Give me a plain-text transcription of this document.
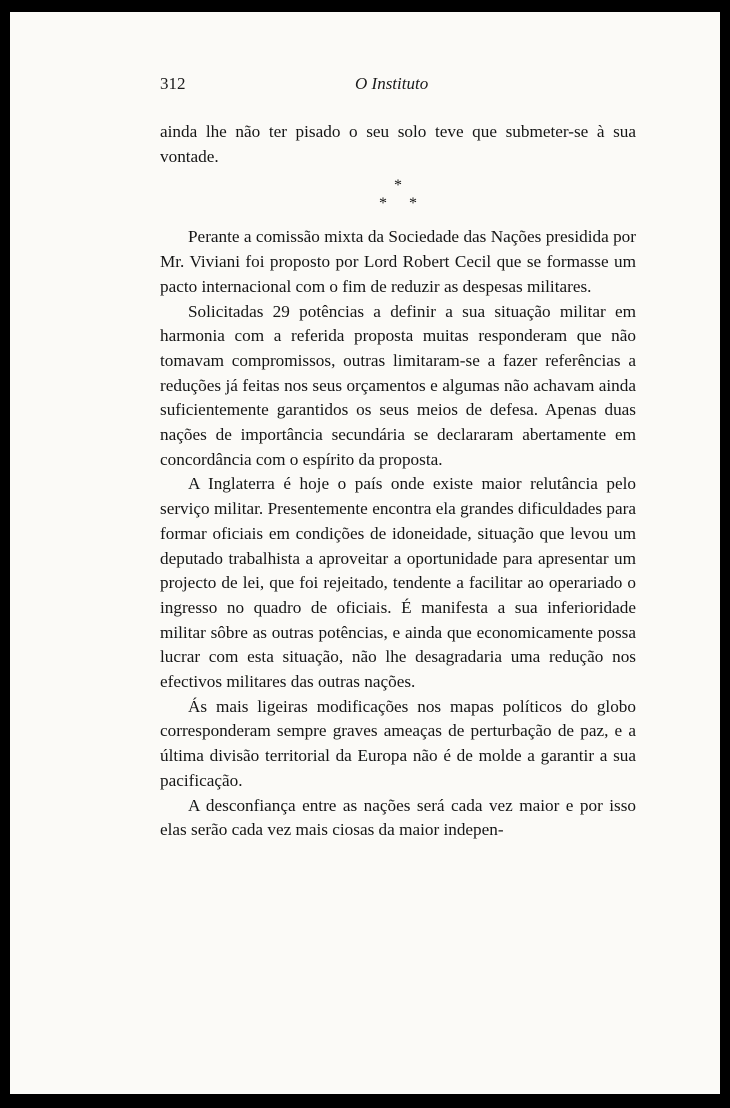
312	O Instituto

ainda lhe não ter pisado o seu solo teve que submeter-se à sua vontade.

*
* *

Perante a comissão mixta da Sociedade das Nações presidida por Mr. Viviani foi proposto por Lord Robert Cecil que se formasse um pacto internacional com o fim de reduzir as despesas militares.

Solicitadas 29 potências a definir a sua situação militar em harmonia com a referida proposta muitas responderam que não tomavam compromissos, outras limitaram-se a fazer referências a reduções já feitas nos seus orçamentos e algumas não achavam ainda suficientemente garantidos os seus meios de defesa. Apenas duas nações de importância secundária se declararam abertamente em concordância com o espírito da proposta.

A Inglaterra é hoje o país onde existe maior relutância pelo serviço militar. Presentemente encontra ela grandes dificuldades para formar oficiais em condições de idoneidade, situação que levou um deputado trabalhista a aproveitar a oportunidade para apresentar um projecto de lei, que foi rejeitado, tendente a facilitar ao operariado o ingresso no quadro de oficiais. É manifesta a sua inferioridade militar sôbre as outras potências, e ainda que economicamente possa lucrar com esta situação, não lhe desagradaria uma redução nos efectivos militares das outras nações.

Ás mais ligeiras modificações nos mapas políticos do globo corresponderam sempre graves ameaças de perturbação de paz, e a última divisão territorial da Europa não é de molde a garantir a sua pacificação.

A desconfiança entre as nações será cada vez maior e por isso elas serão cada vez mais ciosas da maior indepen-
